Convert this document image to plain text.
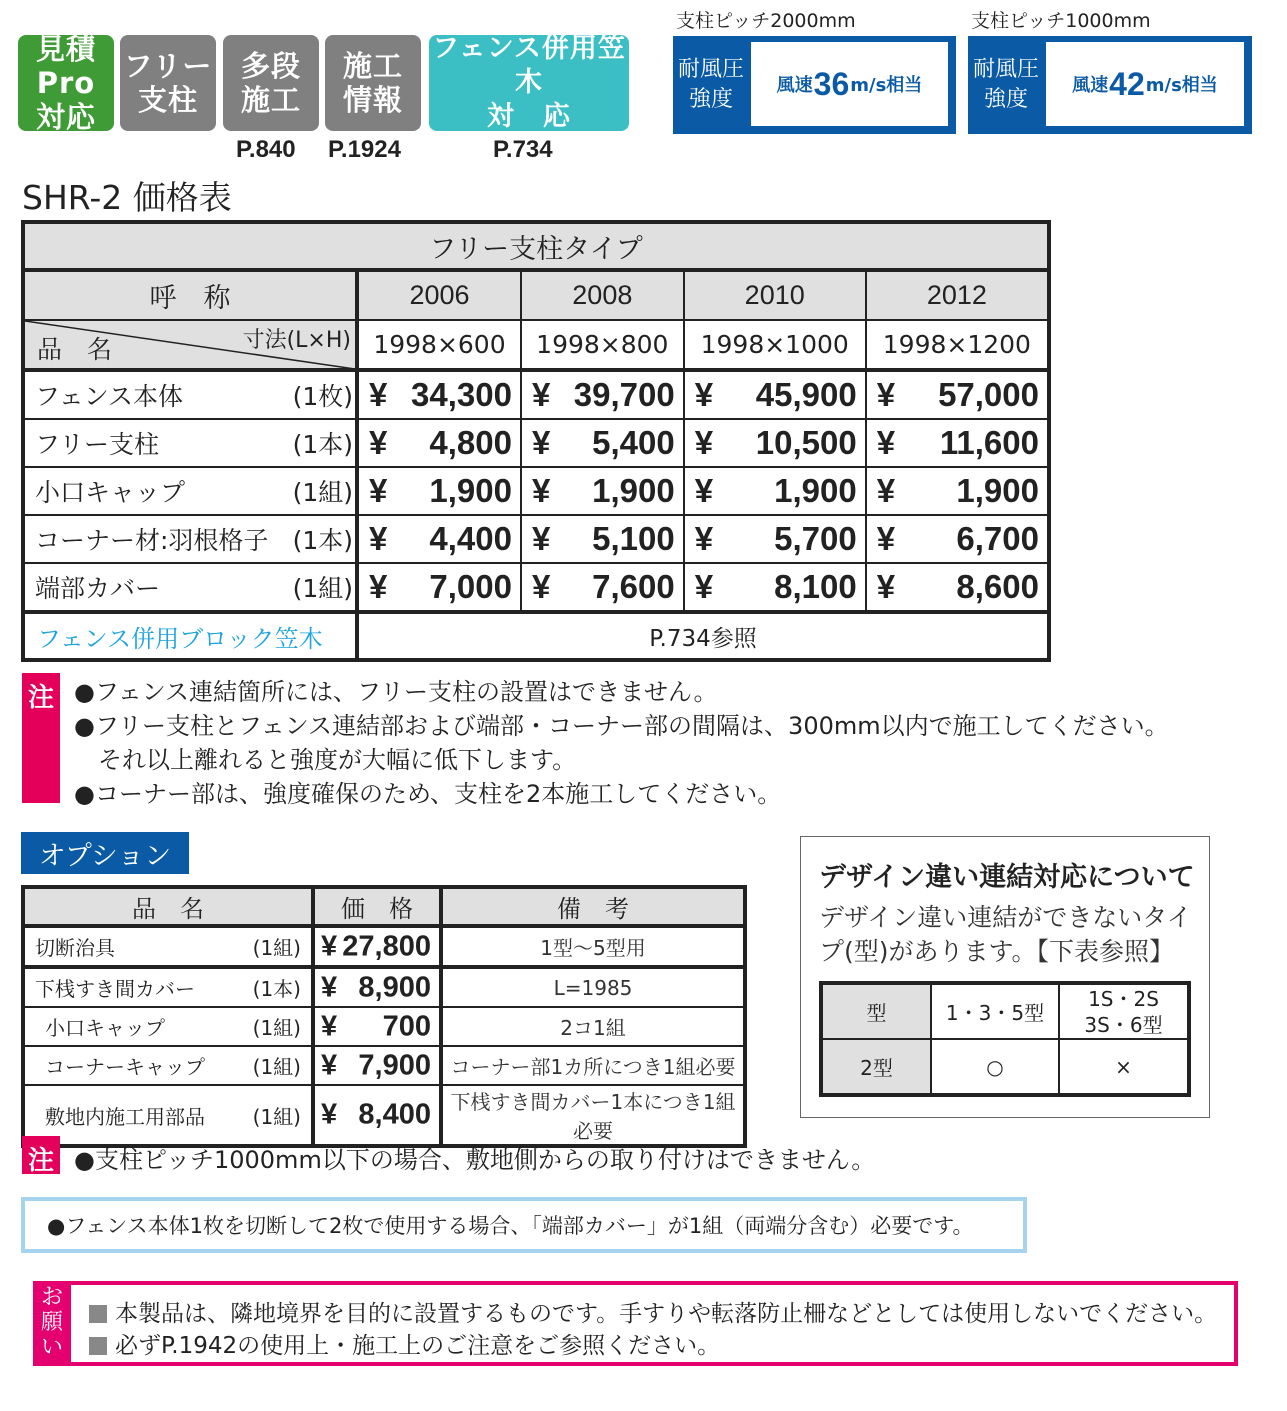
見積Pro
対応
フリー
支柱
多段
施工
施工
情報
フェンス併用笠木
対　応
P.840 P.1924	P.734
支柱ピッチ2000mm
耐風圧
強度
風速 36 m/s相当
支柱ピッチ1000mm
耐風圧
強度
風速 42 m/s相当
SHR-2 価格表
フリー支柱タイプ				
呼　称	2006	2008	2010	2012

品　名 寸法(L×H)	1998×600	1998×800	1998×1000	1998×1200

フェンス本体 (1枚)	¥ 34,300	¥ 39,700	¥ 45,900	¥ 57,000

フリー支柱 (1本)	¥ 4,800	¥ 5,400	¥ 10,500	¥ 11,600

小口キャップ (1組)	¥ 1,900	¥ 1,900	¥ 1,900	¥ 1,900

コーナー材:羽根格子 (1本)	¥ 4,400	¥ 5,100	¥ 5,700	¥ 6,700

端部カバー (1組)	¥ 7,000	¥ 7,600	¥ 8,100	¥ 8,600

フェンス併用ブロック笠木	P.734参照			
注 ●フェンス連結箇所には、フリー支柱の設置はできません。
●フリー支柱とフェンス連結部および端部・コーナー部の間隔は、300mm以内で施工してください。
それ以上離れると強度が大幅に低下します。
●コーナー部は、強度確保のため、支柱を2本施工してください。
オプション
品　名	価　格	備　考

切断治具 (1組)	¥ 27,800	1型〜5型用

下桟すき間カバー (1本)	¥ 8,900	L=1985

小口キャップ (1組)	¥ 700	2コ1組

コーナーキャップ (1組)	¥ 7,900	コーナー部1カ所につき1組必要

敷地内施工用部品 (1組)	¥ 8,400	下桟すき間カバー1本につき1組必要
デザイン違い連結対応について
デザイン違い連結ができないタイプ(型)があります。【下表参照】
型	1・3・5型	1S・2S
3S・6型
2型	○	×
注 ●支柱ピッチ1000mm以下の場合、敷地側からの取り付けはできません。
●フェンス本体1枚を切断して2枚で使用する場合、「端部カバー」が1組（両端分含む）必要です。
お
願
い
本製品は、隣地境界を目的に設置するものです。手すりや転落防止柵などとしては使用しないでください。
必ずP.1942の使用上・施工上のご注意をご参照ください。
